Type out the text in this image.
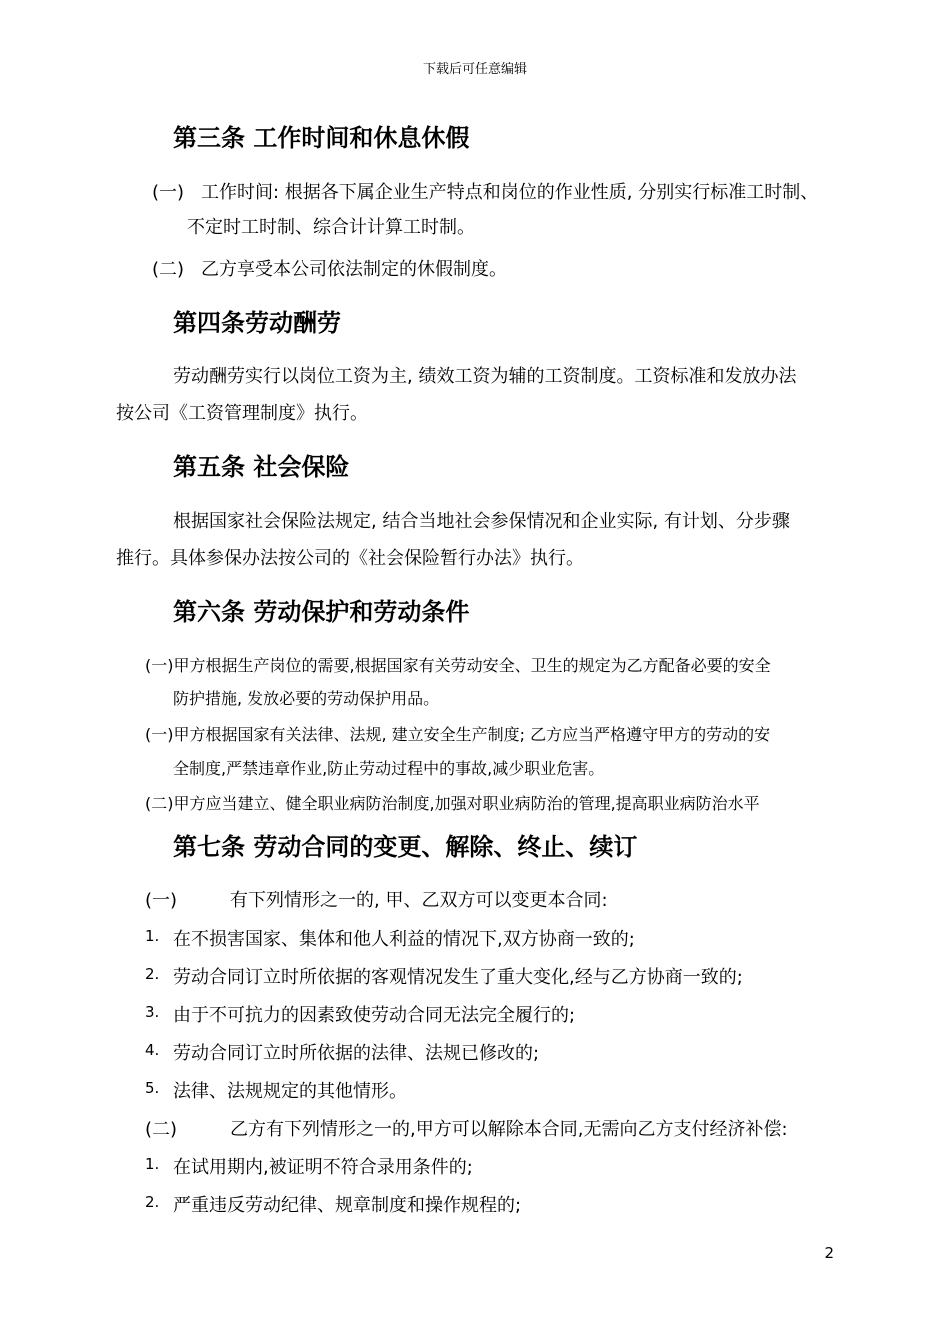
下载后可任意编辑
第三条 工作时间和休息休假
(一) 工作时间: 根据各下属企业生产特点和岗位的作业性质, 分别实行标准工时制、
不定时工时制、综合计计算工时制。
(二) 乙方享受本公司依法制定的休假制度。
第四条劳动酬劳
劳动酬劳实行以岗位工资为主, 绩效工资为辅的工资制度。工资标准和发放办法
按公司《工资管理制度》执行。
第五条 社会保险
根据国家社会保险法规定, 结合当地社会参保情况和企业实际, 有计划、分步骤
推行。具体参保办法按公司的《社会保险暂行办法》执行。
第六条 劳动保护和劳动条件
(一)甲方根据生产岗位的需要,根据国家有关劳动安全、卫生的规定为乙方配备必要的安全
防护措施, 发放必要的劳动保护用品。
(一)甲方根据国家有关法律、法规, 建立安全生产制度; 乙方应当严格遵守甲方的劳动的安
全制度,严禁违章作业,防止劳动过程中的事故,减少职业危害。
(二)甲方应当建立、健全职业病防治制度,加强对职业病防治的管理,提高职业病防治水平
第七条 劳动合同的变更、解除、终止、续订
(一)	有下列情形之一的, 甲、乙双方可以变更本合同:
1. 在不损害国家、集体和他人利益的情况下,双方协商一致的;
2. 劳动合同订立时所依据的客观情况发生了重大变化,经与乙方协商一致的;
3. 由于不可抗力的因素致使劳动合同无法完全履行的;
4. 劳动合同订立时所依据的法律、法规已修改的;
5. 法律、法规规定的其他情形。
(二)	乙方有下列情形之一的,甲方可以解除本合同,无需向乙方支付经济补偿:
1. 在试用期内,被证明不符合录用条件的;
2. 严重违反劳动纪律、规章制度和操作规程的;
2
